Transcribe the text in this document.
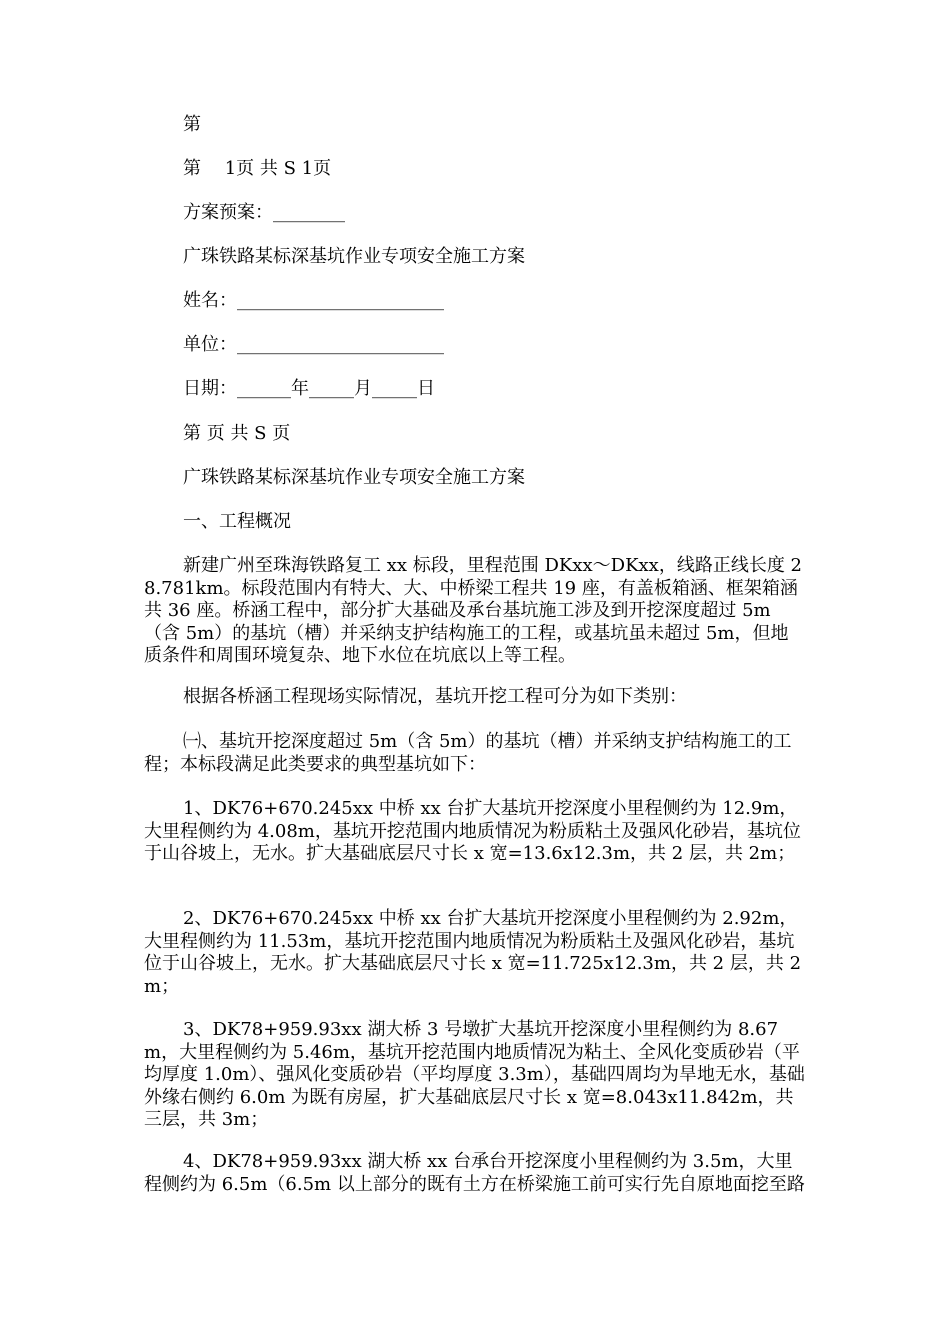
第
第　 1页 共 S 1页
方案预案：________
广珠铁路某标深基坑作业专项安全施工方案
姓名：_______________________
单位：_______________________
日期：______年_____月_____日
第 页 共 S 页
广珠铁路某标深基坑作业专项安全施工方案
一、工程概况
新建广州至珠海铁路复工 xx 标段，里程范围 DKxx～DKxx，线路正线长度 28.781km。标段范围内有特大、大、中桥梁工程共 19 座，有盖板箱涵、框架箱涵共 36 座。桥涵工程中，部分扩大基础及承台基坑施工涉及到开挖深度超过 5m（含 5m）的基坑（槽）并采纳支护结构施工的工程，或基坑虽未超过 5m，但地质条件和周围环境复杂、地下水位在坑底以上等工程。
根据各桥涵工程现场实际情况，基坑开挖工程可分为如下类别：
㈠、基坑开挖深度超过 5m（含 5m）的基坑（槽）并采纳支护结构施工的工程；本标段满足此类要求的典型基坑如下：
1、DK76+670.245xx 中桥 xx 台扩大基坑开挖深度小里程侧约为 12.9m，大里程侧约为 4.08m，基坑开挖范围内地质情况为粉质粘土及强风化砂岩，基坑位于山谷坡上，无水。扩大基础底层尺寸长 x 宽=13.6x12.3m，共 2 层，共 2m；
2、DK76+670.245xx 中桥 xx 台扩大基坑开挖深度小里程侧约为 2.92m，大里程侧约为 11.53m，基坑开挖范围内地质情况为粉质粘土及强风化砂岩，基坑位于山谷坡上，无水。扩大基础底层尺寸长 x 宽=11.725x12.3m，共 2 层，共 2m；
3、DK78+959.93xx 湖大桥 3 号墩扩大基坑开挖深度小里程侧约为 8.67m，大里程侧约为 5.46m，基坑开挖范围内地质情况为粘土、全风化变质砂岩（平均厚度 1.0m）、强风化变质砂岩（平均厚度 3.3m），基础四周均为旱地无水，基础外缘右侧约 6.0m 为既有房屋，扩大基础底层尺寸长 x 宽=8.043x11.842m，共三层，共 3m；
4、DK78+959.93xx 湖大桥 xx 台承台开挖深度小里程侧约为 3.5m，大里程侧约为 6.5m（6.5m 以上部分的既有土方在桥梁施工前可实行先自原地面挖至路
